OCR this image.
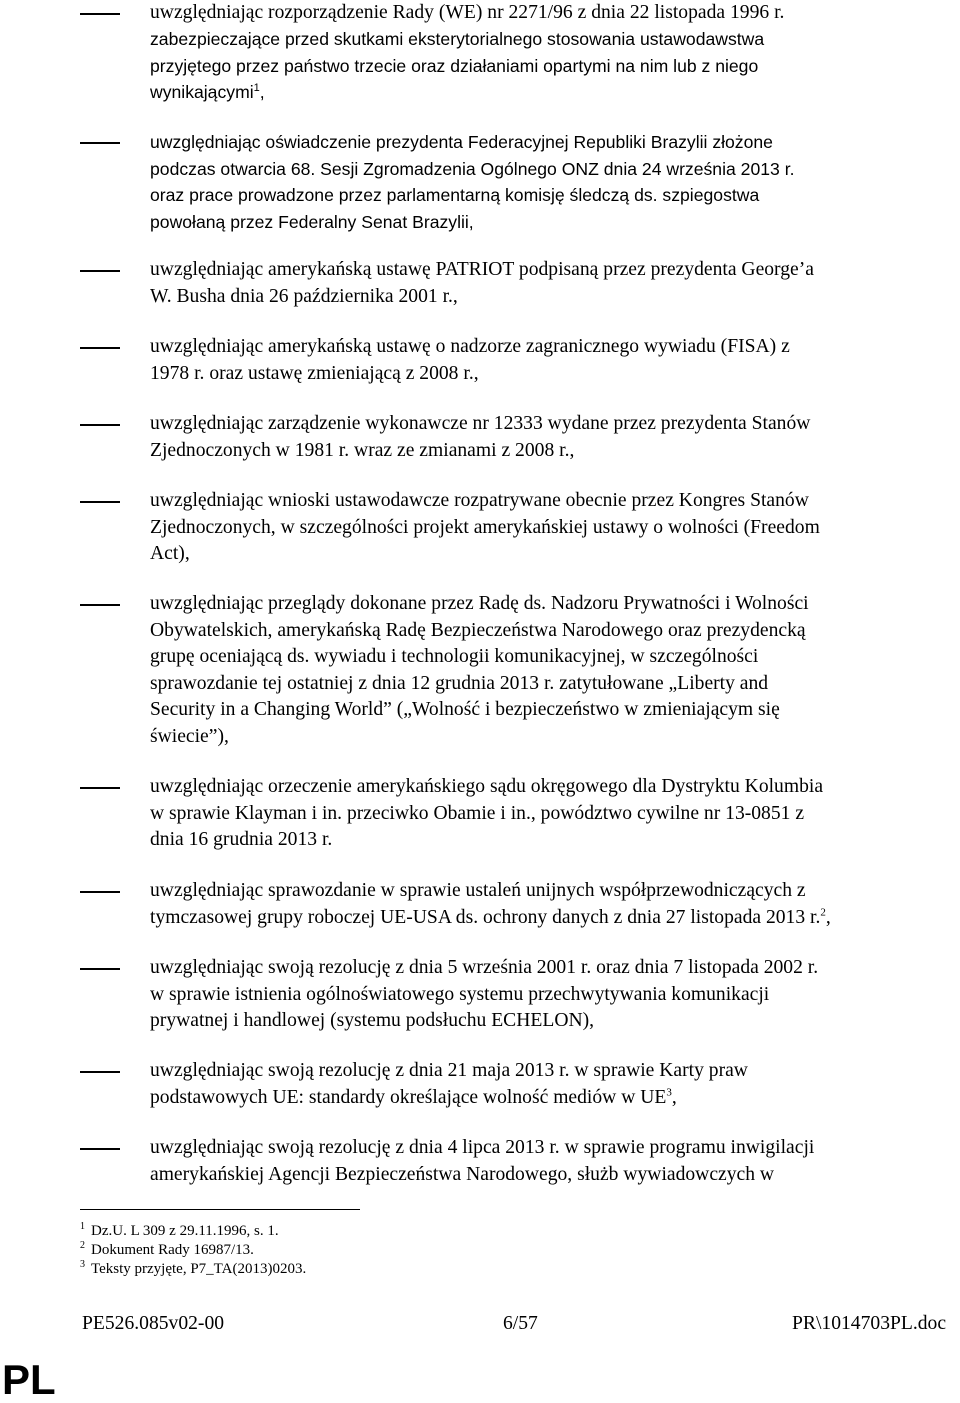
uwzględniając rozporządzenie Rady (WE) nr 2271/96 z dnia 22 listopada 1996 r.
zabezpieczające przed skutkami eksterytorialnego stosowania ustawodawstwa
przyjętego przez państwo trzecie oraz działaniami opartymi na nim lub z niego
wynikającymi$^1$,
uwzględniając oświadczenie prezydenta Federacyjnej Republiki Brazylii złożone
podczas otwarcia 68. Sesji Zgromadzenia Ogólnego ONZ dnia 24 września 2013 r.
oraz prace prowadzone przez parlamentarną komisję śledczą ds. szpiegostwa
powołaną przez Federalny Senat Brazylii,
uwzględniając amerykańską ustawę PATRIOT podpisaną przez prezydenta George’a
W. Busha dnia 26 października 2001 r.,
uwzględniając amerykańską ustawę o nadzorze zagranicznego wywiadu (FISA) z
1978 r. oraz ustawę zmieniającą z 2008 r.,
uwzględniając zarządzenie wykonawcze nr 12333 wydane przez prezydenta Stanów
Zjednoczonych w 1981 r. wraz ze zmianami z 2008 r.,
uwzględniając wnioski ustawodawcze rozpatrywane obecnie przez Kongres Stanów
Zjednoczonych, w szczególności projekt amerykańskiej ustawy o wolności (Freedom
Act),
uwzględniając przeglądy dokonane przez Radę ds. Nadzoru Prywatności i Wolności
Obywatelskich, amerykańską Radę Bezpieczeństwa Narodowego oraz prezydencką
grupę oceniającą ds. wywiadu i technologii komunikacyjnej, w szczególności
sprawozdanie tej ostatniej z dnia 12 grudnia 2013 r. zatytułowane „Liberty and
Security in a Changing World” („Wolność i bezpieczeństwo w zmieniającym się
świecie”),
uwzględniając orzeczenie amerykańskiego sądu okręgowego dla Dystryktu Kolumbia
w sprawie Klayman i in. przeciwko Obamie i in., powództwo cywilne nr 13-0851 z
dnia 16 grudnia 2013 r.
uwzględniając sprawozdanie w sprawie ustaleń unijnych współprzewodniczących z
tymczasowej grupy roboczej UE-USA ds. ochrony danych z dnia 27 listopada 2013 r.$^2$,
uwzględniając swoją rezolucję z dnia 5 września 2001 r. oraz dnia 7 listopada 2002 r.
w sprawie istnienia ogólnoświatowego systemu przechwytywania komunikacji
prywatnej i handlowej (systemu podsłuchu ECHELON),
uwzględniając swoją rezolucję z dnia 21 maja 2013 r. w sprawie Karty praw
podstawowych UE: standardy określające wolność mediów w $UE^3$,
uwzględniając swoją rezolucję z dnia 4 lipca 2013 r. w sprawie programu inwigilacji
amerykańskiej Agencji Bezpieczeństwa Narodowego, służb wywiadowczych w
$^1$ Dz.U. L 309 z 29.11.1996, s. 1.
$^2$ Dokument Rady 16987/13.
$^3$ Teksty przyjęte, P7_TA(2013)0203.
PE526.085v02-00	6/57	PR\1014703PL.doc
PL
